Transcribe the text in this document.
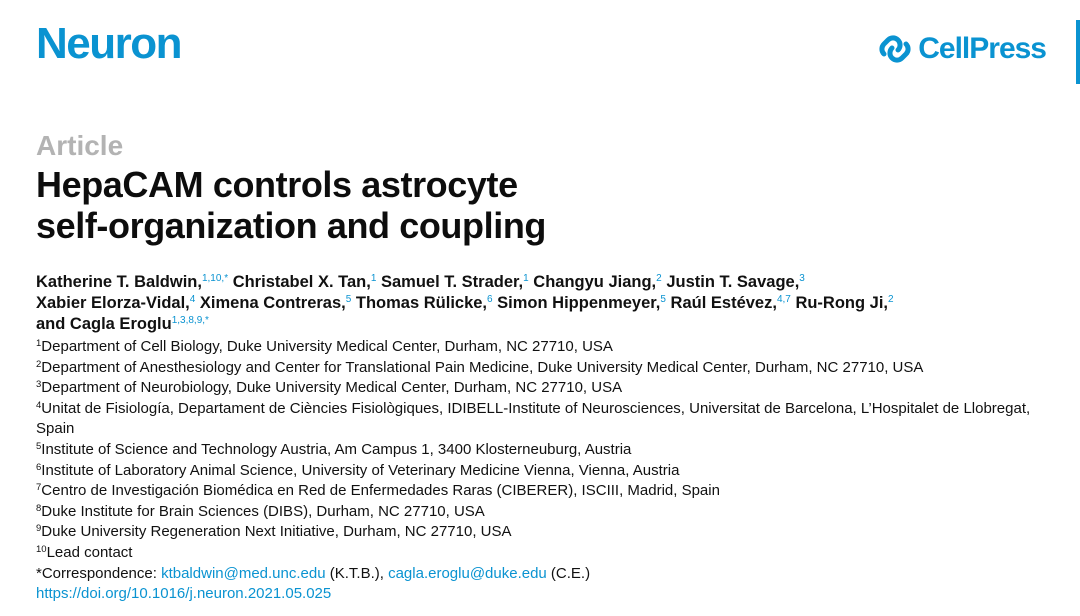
Neuron	CellPress
Article
HepaCAM controls astrocyte
self-organization and coupling
Katherine T. Baldwin,$^{1,10,*}$ Christabel X. Tan,$^1$ Samuel T. Strader,$^1$ Changyu Jiang,$^2$ Justin T. Savage,$^3$
Xabier Elorza-Vidal,$^4$ Ximena Contreras,$^5$ Thomas Rülicke,$^6$ Simon Hippenmeyer,$^5$ Raúl Estévez,$^{4,7}$ Ru-Rong Ji,$^2$
and Cagla Eroglu$^{1,3,8,9,*}$
$^1$Department of Cell Biology, Duke University Medical Center, Durham, NC 27710, USA
$^2$Department of Anesthesiology and Center for Translational Pain Medicine, Duke University Medical Center, Durham, NC 27710, USA
$^3$Department of Neurobiology, Duke University Medical Center, Durham, NC 27710, USA
$^4$Unitat de Fisiología, Departament de Ciències Fisiològiques, IDIBELL-Institute of Neurosciences, Universitat de Barcelona, L’Hospitalet de Llobregat, Spain
$^5$Institute of Science and Technology Austria, Am Campus 1, 3400 Klosterneuburg, Austria
$^6$Institute of Laboratory Animal Science, University of Veterinary Medicine Vienna, Vienna, Austria
$^7$Centro de Investigación Biomédica en Red de Enfermedades Raras (CIBERER), ISCIII, Madrid, Spain
$^8$Duke Institute for Brain Sciences (DIBS), Durham, NC 27710, USA
$^9$Duke University Regeneration Next Initiative, Durham, NC 27710, USA
$^{10}$Lead contact
*Correspondence: ktbaldwin@med.unc.edu (K.T.B.), cagla.eroglu@duke.edu (C.E.)
https://doi.org/10.1016/j.neuron.2021.05.025
